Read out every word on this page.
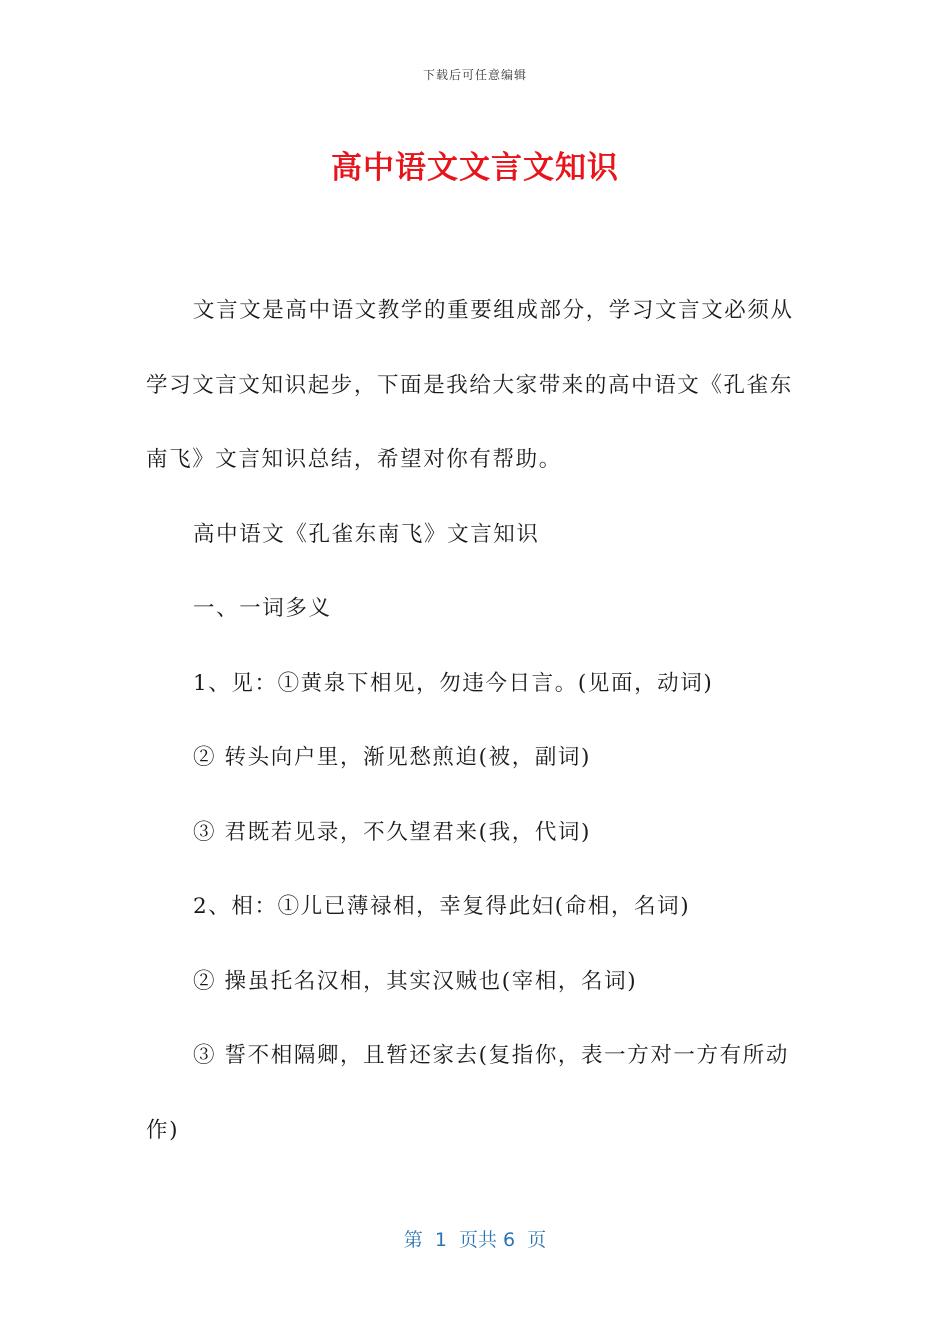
下载后可任意编辑
高中语文文言文知识

文言文是高中语文教学的重要组成部分，学习文言文必须从学习文言文知识起步，下面是我给大家带来的高中语文《孔雀东南飞》文言知识总结，希望对你有帮助。

高中语文《孔雀东南飞》文言知识

一、一词多义

1、见：①黄泉下相见，勿违今日言。(见面，动词)

② 转头向户里，渐见愁煎迫(被，副词)

③ 君既若见录，不久望君来(我，代词)

2、相：①儿已薄禄相，幸复得此妇(命相，名词)

② 操虽托名汉相，其实汉贼也(宰相，名词)

③ 誓不相隔卿，且暂还家去(复指你，表一方对一方有所动作)

第  1  页共 6  页
